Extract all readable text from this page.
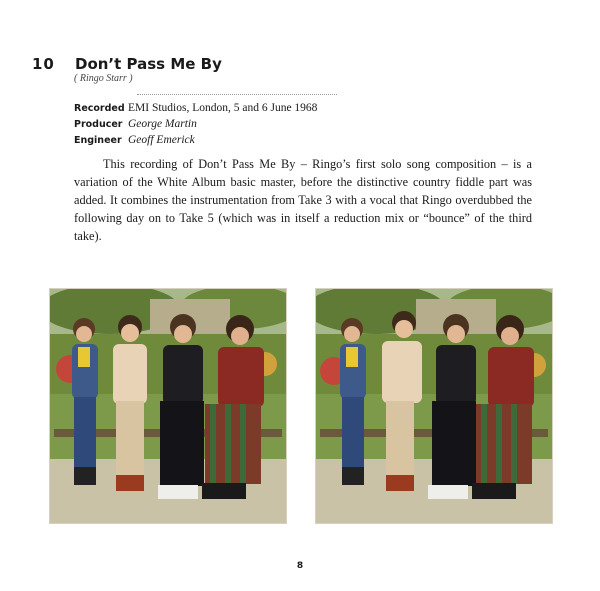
10 Don’t Pass Me By
( Ringo Starr )
Recorded EMI Studios, London, 5 and 6 June 1968
Producer George Martin
Engineer Geoff Emerick

This recording of Don’t Pass Me By – Ringo’s first solo song composition – is a variation of the White Album basic master, before the distinctive country fiddle part was added. It combines the instrumentation from Take 3 with a vocal that Ringo overdubbed the following day on to Take 5 (which was in itself a reduction mix or “bounce” of the third take).

8
